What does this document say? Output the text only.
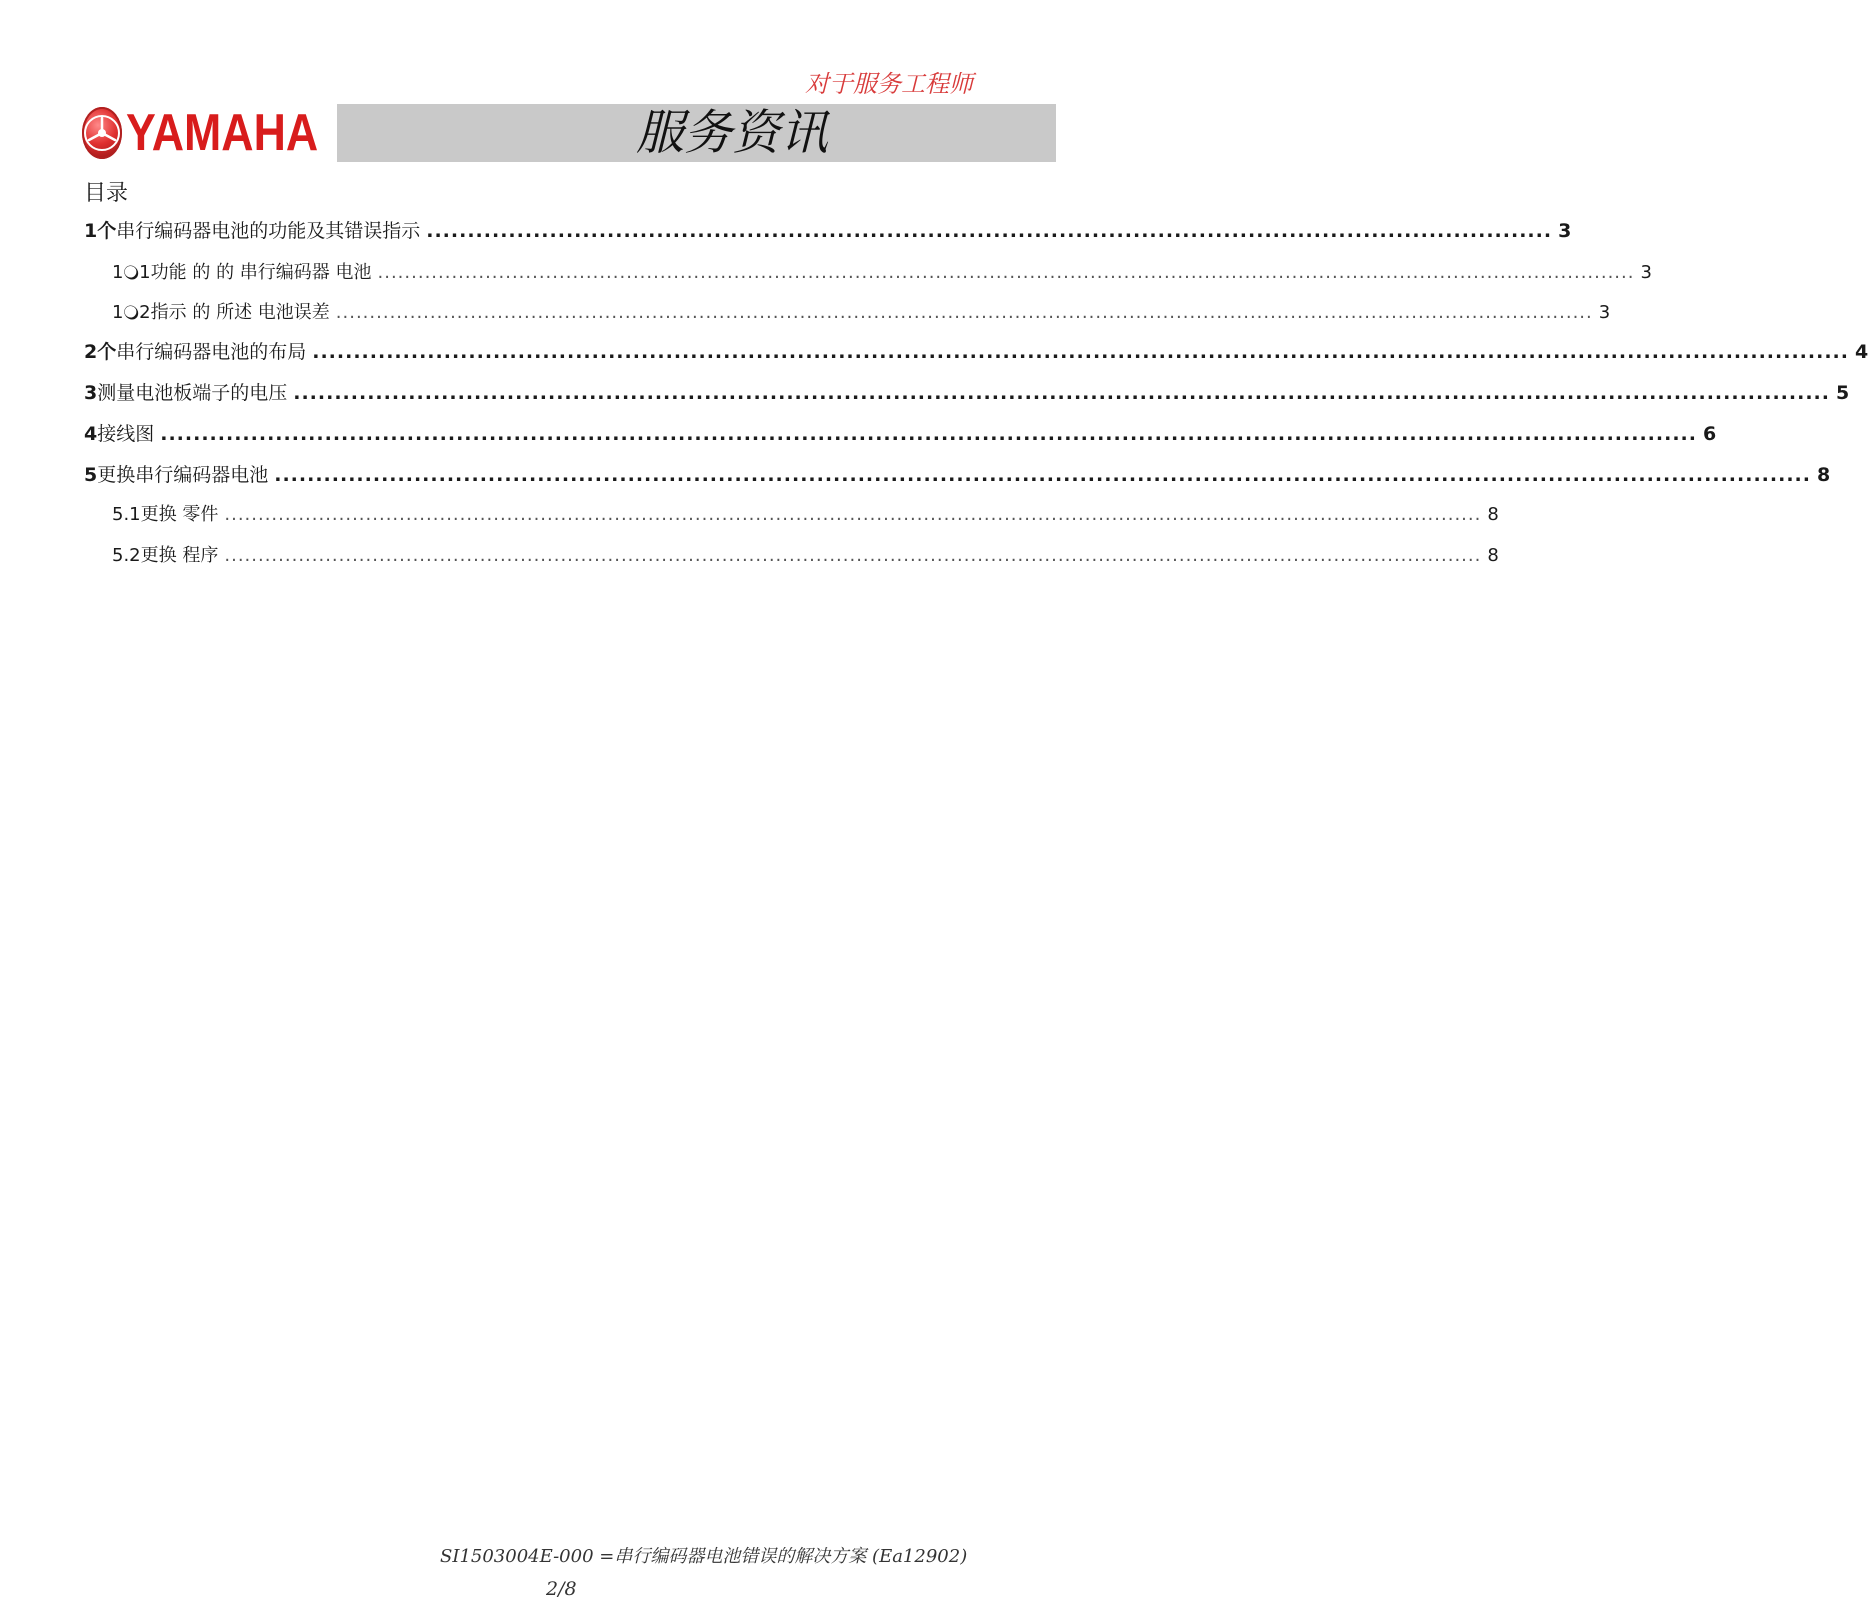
对于服务工程师
YAMAHA	服务资讯
目录
1个 串行编码器电池的功能及其错误指示 ......................................................................................................................................... 3
1🔾1 功能 的 的 串行编码器 电池 ........................................................................................................................................................................................... 3
1🔾2 指示 的 所述 电池误差 ........................................................................................................................................................................................... 3
2个 串行编码器电池的布局 ........................................................................................................................................................................................... 4
3 测量电池板端子的电压 ........................................................................................................................................................................................... 5
4 接线图 ........................................................................................................................................................................................... 6
5 更换串行编码器电池 ........................................................................................................................................................................................... 8
5.1 更换 零件 ........................................................................................................................................................................................... 8
5.2 更换 程序 ........................................................................................................................................................................................... 8
SI1503004E-000 =串行编码器电池错误的解决方案 (Ea12902)
2/8
